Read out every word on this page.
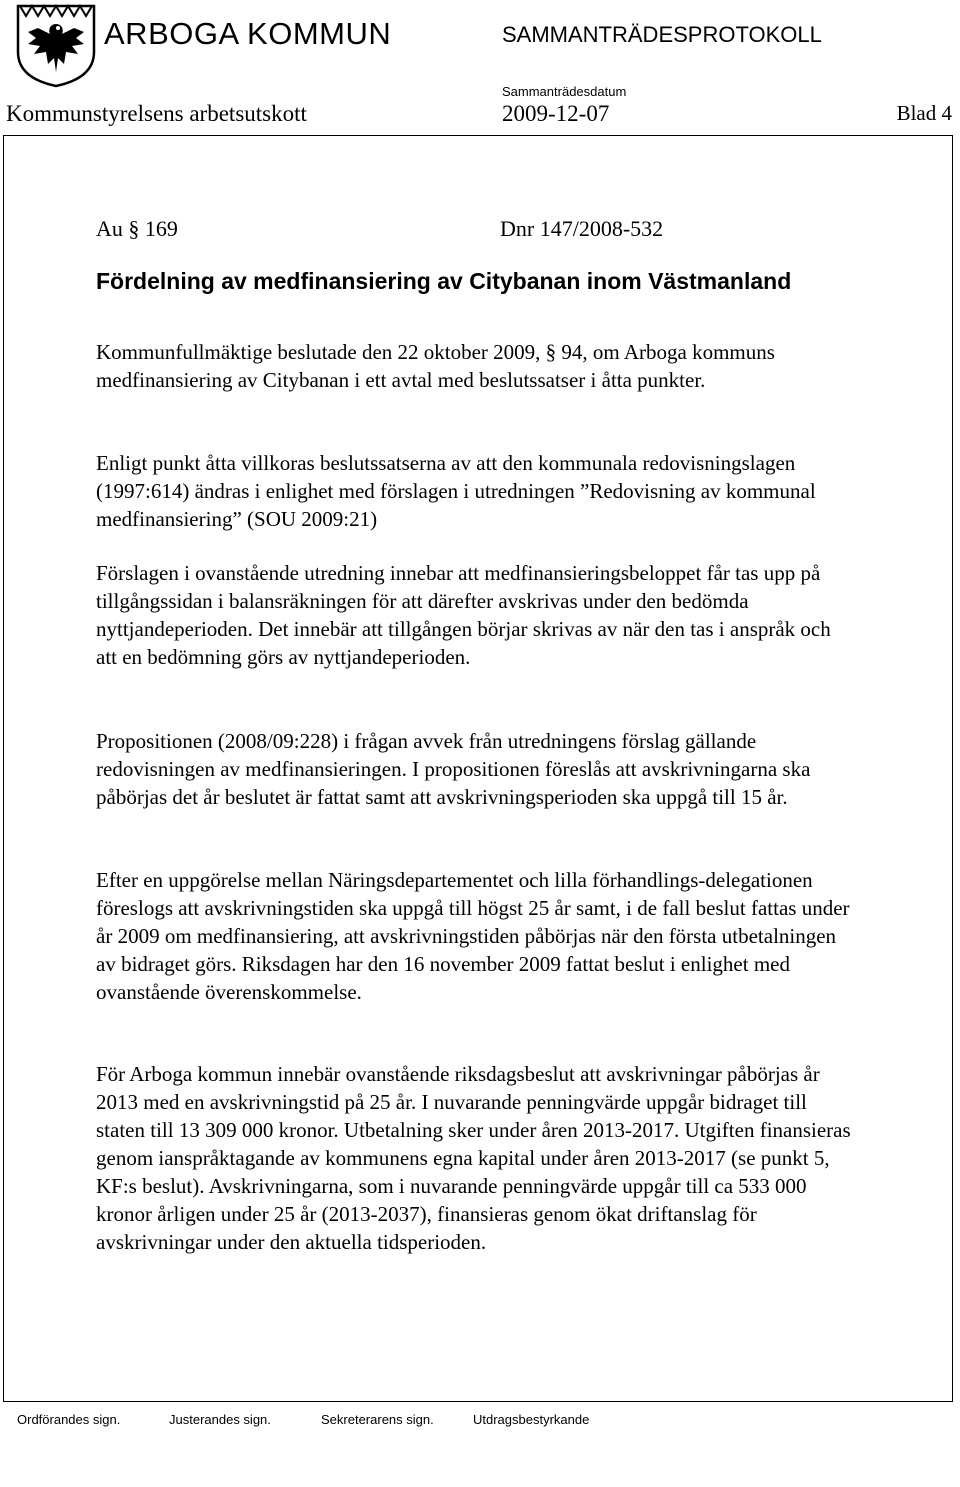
ARBOGA KOMMUN	SAMMANTRÄDESPROTOKOLL
Sammanträdesdatum
Kommunstyrelsens arbetsutskott	2009-12-07	Blad 4
Au § 169	Dnr 147/2008-532
Fördelning av medfinansiering av Citybanan inom Västmanland

Kommunfullmäktige beslutade den 22 oktober 2009, § 94, om Arboga kommuns medfinansiering av Citybanan i ett avtal med beslutssatser i åtta punkter.

Enligt punkt åtta villkoras beslutssatserna av att den kommunala redovisningslagen (1997:614) ändras i enlighet med förslagen i utredningen ”Redovisning av kommunal medfinansiering” (SOU 2009:21)

Förslagen i ovanstående utredning innebar att medfinansieringsbeloppet får tas upp på tillgångssidan i balansräkningen för att därefter avskrivas under den bedömda nyttjandeperioden. Det innebär att tillgången börjar skrivas av när den tas i anspråk och att en bedömning görs av nyttjandeperioden.

Propositionen (2008/09:228) i frågan avvek från utredningens förslag gällande redovisningen av medfinansieringen. I propositionen föreslås att avskrivningarna ska påbörjas det år beslutet är fattat samt att avskrivningsperioden ska uppgå till 15 år.

Efter en uppgörelse mellan Näringsdepartementet och lilla förhandlings-delegationen föreslogs att avskrivningstiden ska uppgå till högst 25 år samt, i de fall beslut fattas under år 2009 om medfinansiering, att avskrivningstiden påbörjas när den första utbetalningen av bidraget görs. Riksdagen har den 16 november 2009 fattat beslut i enlighet med ovanstående överenskommelse.

För Arboga kommun innebär ovanstående riksdagsbeslut att avskrivningar påbörjas år 2013 med en avskrivningstid på 25 år. I nuvarande penningvärde uppgår bidraget till staten till 13 309 000 kronor. Utbetalning sker under åren 2013-2017. Utgiften finansieras genom ianspråktagande av kommunens egna kapital under åren 2013-2017 (se punkt 5, KF:s beslut). Avskrivningarna, som i nuvarande penningvärde uppgår till ca 533 000 kronor årligen under 25 år (2013-2037), finansieras genom ökat driftanslag för avskrivningar under den aktuella tidsperioden.

Ordförandes sign.	Justerandes sign.	Sekreterarens sign.	Utdragsbestyrkande
